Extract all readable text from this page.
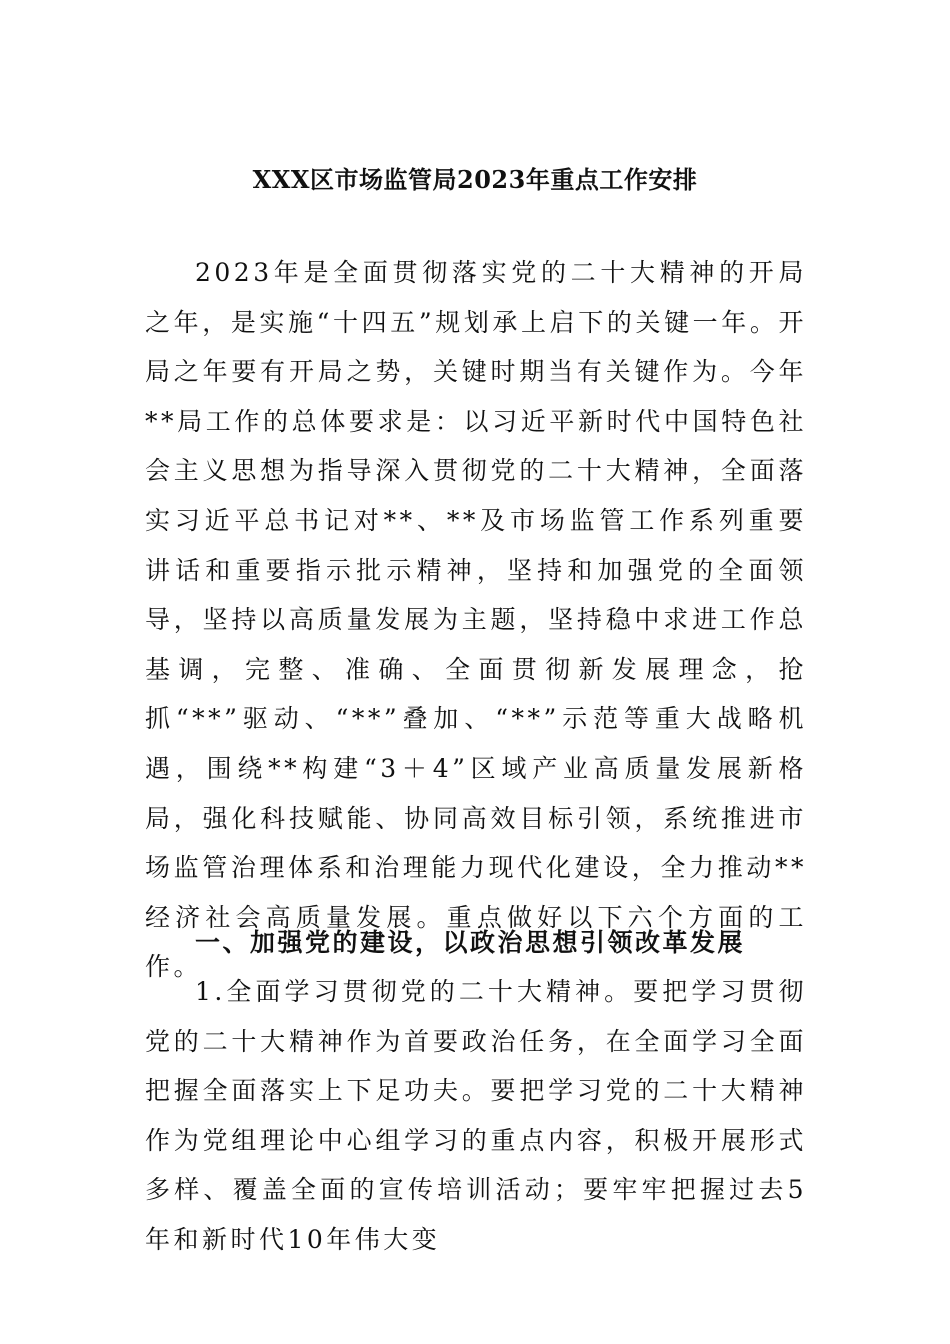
XXX区市场监管局2023年重点工作安排

2023年是全面贯彻落实党的二十大精神的开局之年，是实施“十四五”规划承上启下的关键一年。开局之年要有开局之势，关键时期当有关键作为。今年**局工作的总体要求是：以习近平新时代中国特色社会主义思想为指导深入贯彻党的二十大精神，全面落实习近平总书记对**、**及市场监管工作系列重要讲话和重要指示批示精神，坚持和加强党的全面领导，坚持以高质量发展为主题，坚持稳中求进工作总基调，完整、准确、全面贯彻新发展理念，抢抓“**”驱动、“**”叠加、“**”示范等重大战略机遇，围绕**构建“3＋4”区域产业高质量发展新格局，强化科技赋能、协同高效目标引领，系统推进市场监管治理体系和治理能力现代化建设，全力推动**经济社会高质量发展。重点做好以下六个方面的工作。

一、加强党的建设，以政治思想引领改革发展

1.全面学习贯彻党的二十大精神。要把学习贯彻党的二十大精神作为首要政治任务，在全面学习全面把握全面落实上下足功夫。要把学习党的二十大精神作为党组理论中心组学习的重点内容，积极开展形式多样、覆盖全面的宣传培训活动；要牢牢把握过去5年和新时代10年伟大变
